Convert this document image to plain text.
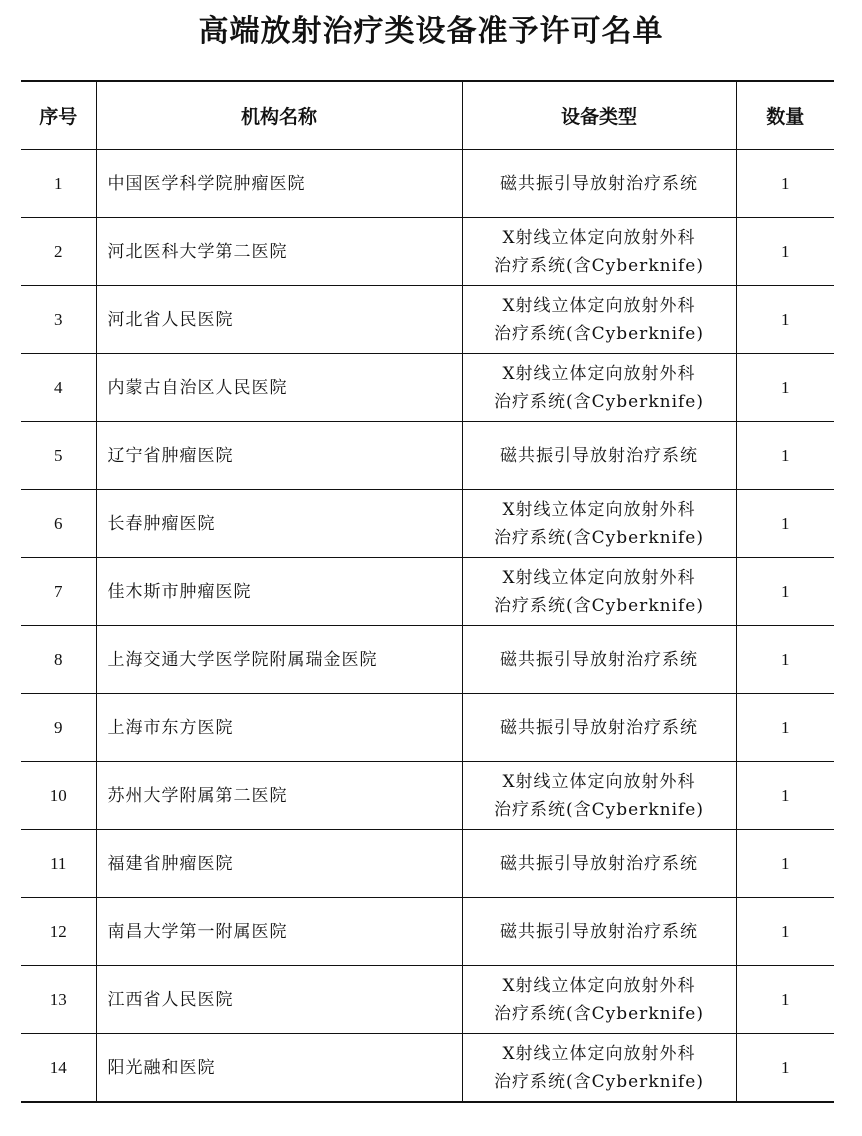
高端放射治疗类设备准予许可名单
序号	机构名称	设备类型	数量
1	中国医学科学院肿瘤医院	磁共振引导放射治疗系统	1
2	河北医科大学第二医院	X射线立体定向放射外科
治疗系统(含Cyberknife)	1
3	河北省人民医院	X射线立体定向放射外科
治疗系统(含Cyberknife)	1
4	内蒙古自治区人民医院	X射线立体定向放射外科
治疗系统(含Cyberknife)	1
5	辽宁省肿瘤医院	磁共振引导放射治疗系统	1
6	长春肿瘤医院	X射线立体定向放射外科
治疗系统(含Cyberknife)	1
7	佳木斯市肿瘤医院	X射线立体定向放射外科
治疗系统(含Cyberknife)	1
8	上海交通大学医学院附属瑞金医院	磁共振引导放射治疗系统	1
9	上海市东方医院	磁共振引导放射治疗系统	1
10	苏州大学附属第二医院	X射线立体定向放射外科
治疗系统(含Cyberknife)	1
11	福建省肿瘤医院	磁共振引导放射治疗系统	1
12	南昌大学第一附属医院	磁共振引导放射治疗系统	1
13	江西省人民医院	X射线立体定向放射外科
治疗系统(含Cyberknife)	1
14	阳光融和医院	X射线立体定向放射外科
治疗系统(含Cyberknife)	1
